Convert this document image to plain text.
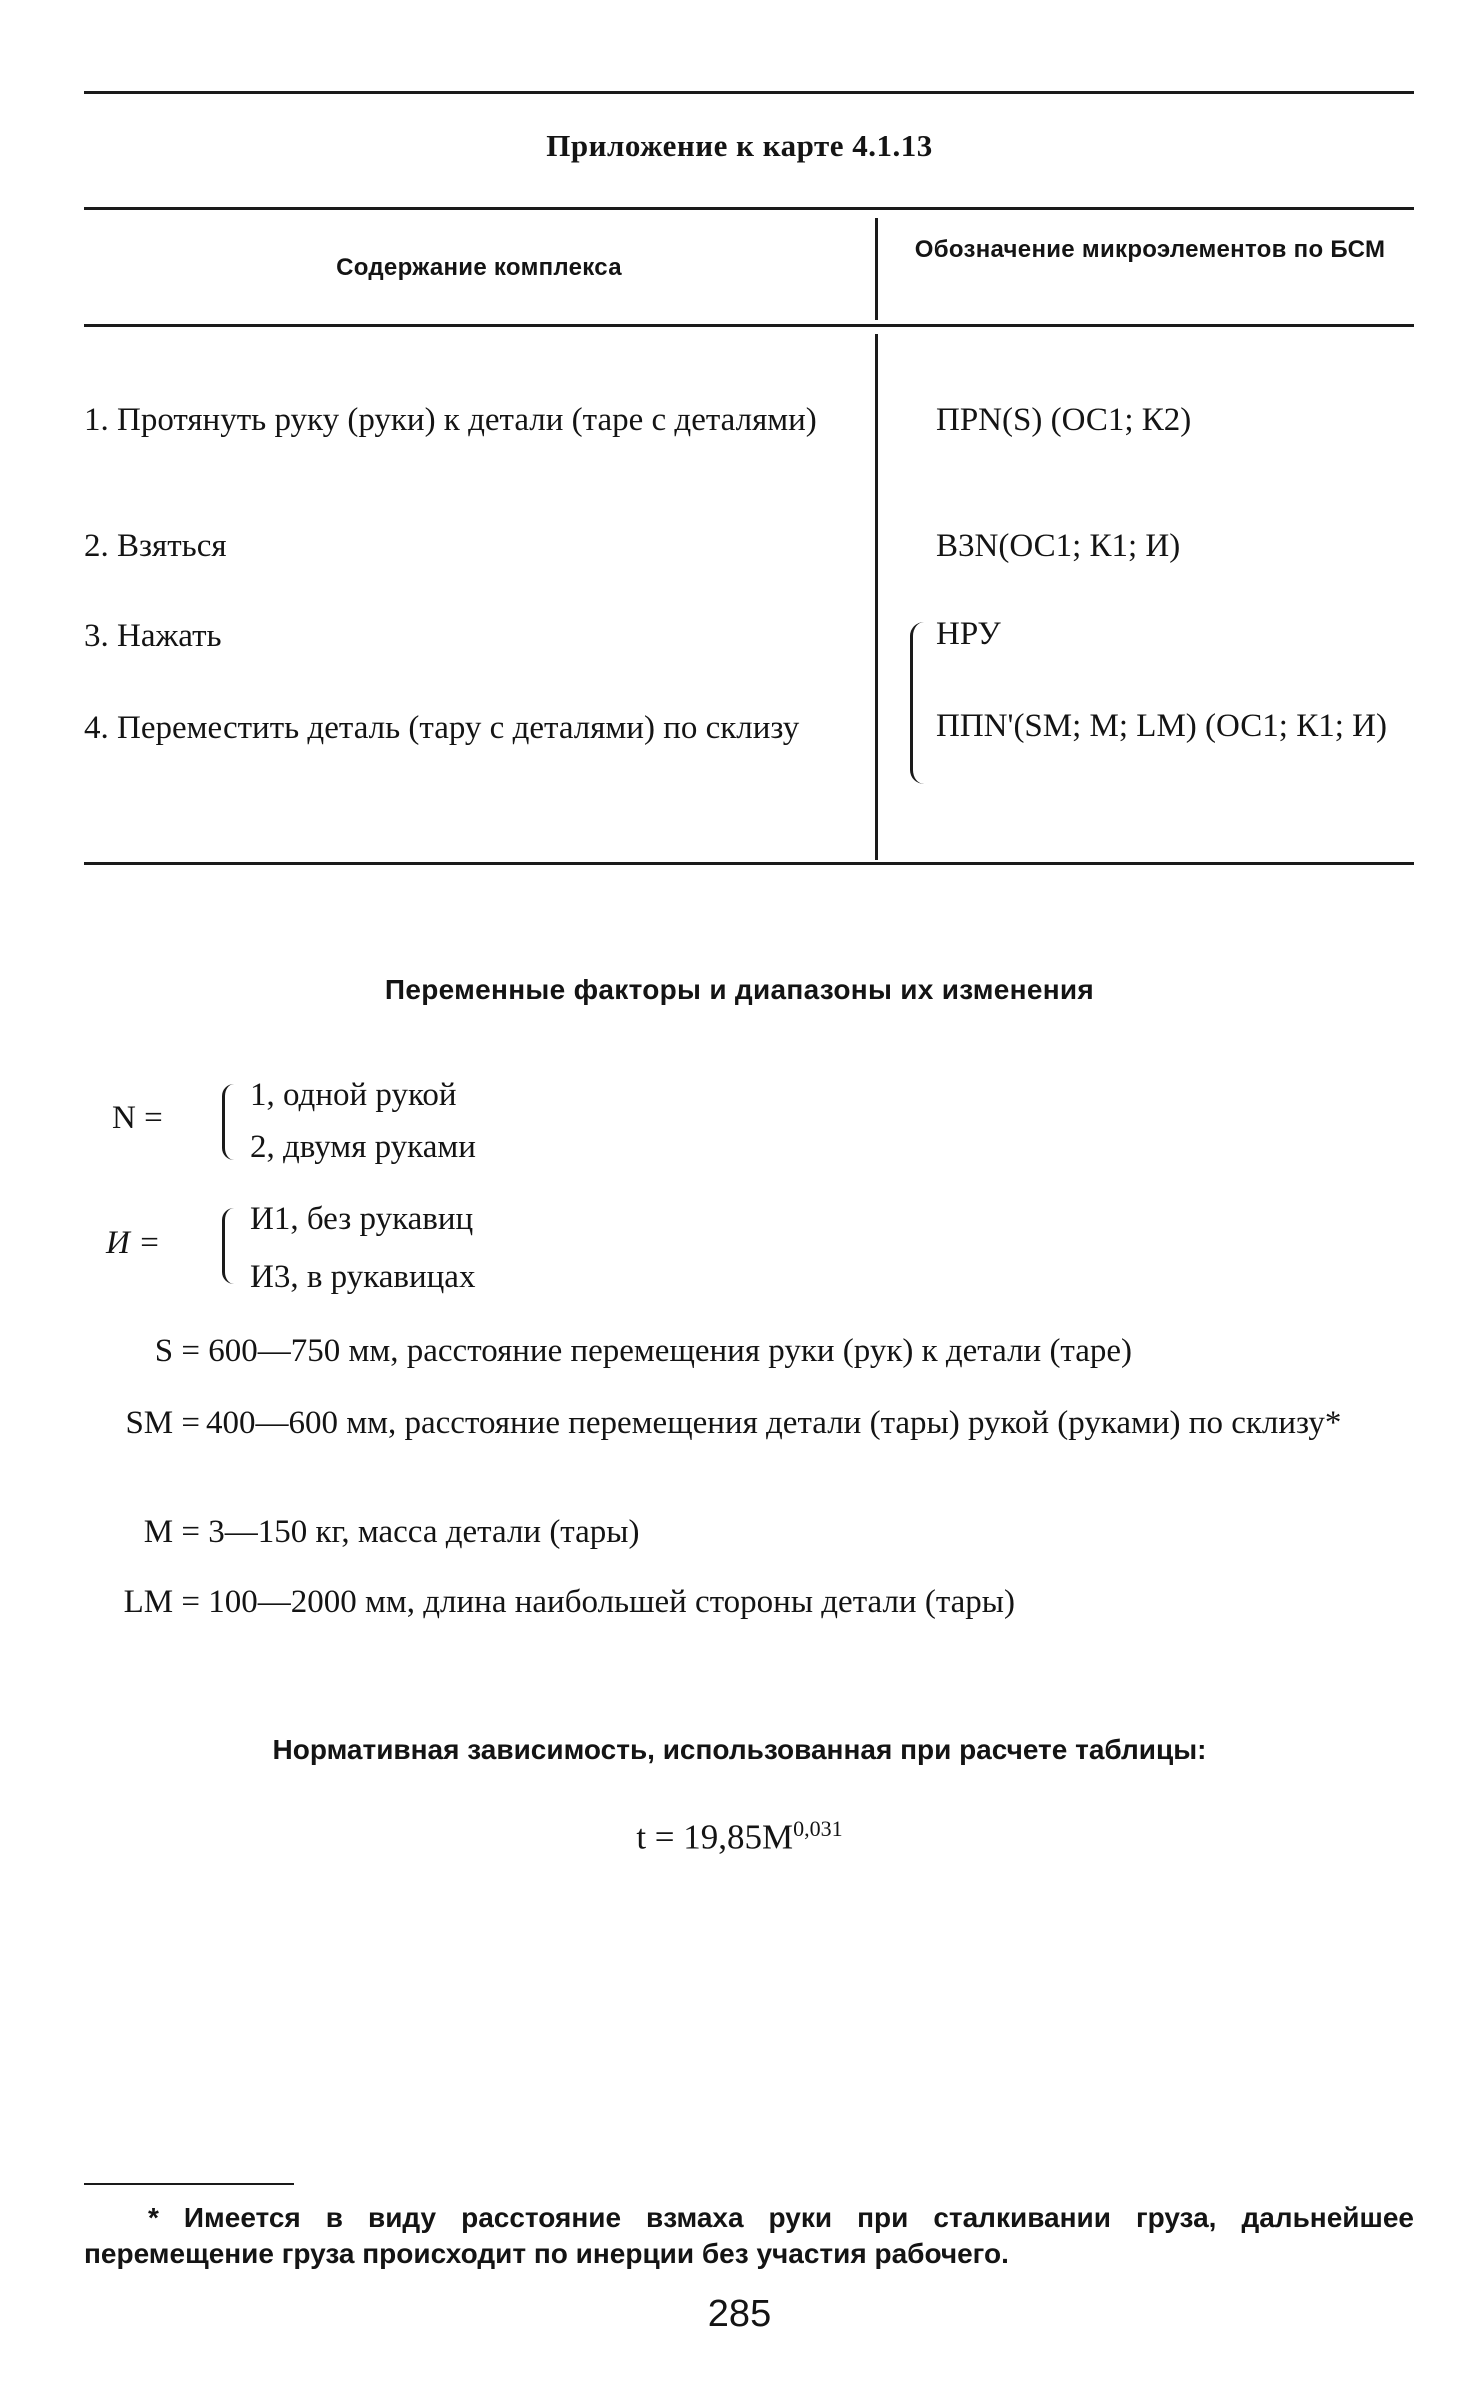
Приложение к карте 4.1.13
Содержание комплекса
Обозначение микроэлементов по БСМ
1. Протянуть руку (руки) к детали (таре с деталями)	ПРN(S) (ОС1; К2)
2. Взяться	В3N(ОС1; К1; И)
3. Нажать	НРУ
4. Переместить деталь (тару с деталями) по склизу	ППN'(SM; M; LM) (ОС1; К1; И)
Переменные факторы и диапазоны их изменения
N =
1, одной рукой
2, двумя руками
И =
И1, без рукавиц
И3, в рукавицах
S = 600—750 мм, расстояние перемещения руки (рук) к детали (таре)
SM = 400—600 мм, расстояние перемещения детали (тары) рукой (руками) по склизу*
M = 3—150 кг, масса детали (тары)
LM = 100—2000 мм, длина наибольшей стороны детали (тары)
Нормативная зависимость, использованная при расчете таблицы:
$t = 19,85M^{0,031}$
* Имеется в виду расстояние взмаха руки при сталкивании груза, дальнейшее перемещение груза происходит по инерции без участия рабочего.
285
